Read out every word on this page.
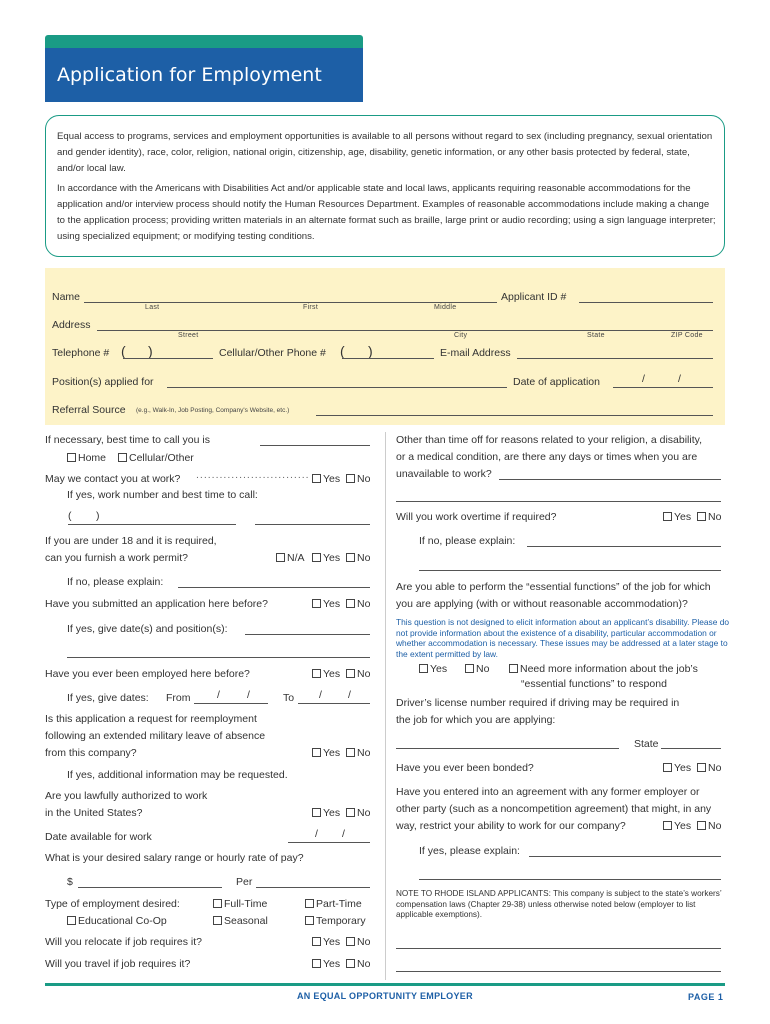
Application for Employment
Equal access to programs, services and employment opportunities is available to all persons without regard to sex (including pregnancy, sexual orientation and gender identity), race, color, religion, national origin, citizenship, age, disability, genetic information, or any other basis protected by federal, state, and/or local law.
In accordance with the Americans with Disabilities Act and/or applicable state and local laws, applicants requiring reasonable accommodations for the application and/or interview process should notify the Human Resources Department. Examples of reasonable accommodations include making a change to the application process; providing written materials in an alternate format such as braille, large print or audio recording; using a sign language interpreter; using specialized equipment; or modifying testing conditions.
Name
Last	First	Middle
Applicant ID #
Address
Street	City	State	ZIP Code
Telephone # ( )	Cellular/Other Phone # ( )	E-mail Address
Position(s) applied for	Date of application	/	/
Referral Source (e.g., Walk-In, Job Posting, Company's Website, etc.)
If necessary, best time to call you is
Home	Cellular/Other
May we contact you at work? .............................	Yes	No
If yes, work number and best time to call:
( )
If you are under 18 and it is required,
can you furnish a work permit?	N/A	Yes	No
If no, please explain:
Have you submitted an application here before?	Yes	No
If yes, give date(s) and position(s):
Have you ever been employed here before?	Yes	No
If yes, give dates: From	/	/	To / /
Is this application a request for reemployment
following an extended military leave of absence
from this company?	Yes	No
If yes, additional information may be requested.
Are you lawfully authorized to work
in the United States?	Yes	No
Date available for work	/ /
What is your desired salary range or hourly rate of pay?
$	Per
Type of employment desired:	Full-Time	Part-Time
Educational Co-Op	Seasonal	Temporary
Will you relocate if job requires it?	Yes	No
Will you travel if job requires it?	Yes	No
Other than time off for reasons related to your religion, a disability,
or a medical condition, are there any days or times when you are
unavailable to work?
Will you work overtime if required?	Yes	No
If no, please explain:
Are you able to perform the “essential functions” of the job for which
you are applying (with or without reasonable accommodation)?
This question is not designed to elicit information about an applicant’s disability. Please do not provide information about the existence of a disability, particular accommodation or whether accommodation is necessary. These issues may be addressed at a later stage to the extent permitted by law.
Yes	No	Need more information about the job’s
“essential functions” to respond
Driver’s license number required if driving may be required in
the job for which you are applying:
State
Have you ever been bonded?	Yes	No
Have you entered into an agreement with any former employer or
other party (such as a noncompetition agreement) that might, in any
way, restrict your ability to work for our company?	Yes	No
If yes, please explain:
NOTE TO RHODE ISLAND APPLICANTS: This company is subject to the state’s workers’ compensation laws (Chapter 29-38) unless otherwise noted below (employer to list applicable exemptions).
AN EQUAL OPPORTUNITY EMPLOYER	PAGE 1
